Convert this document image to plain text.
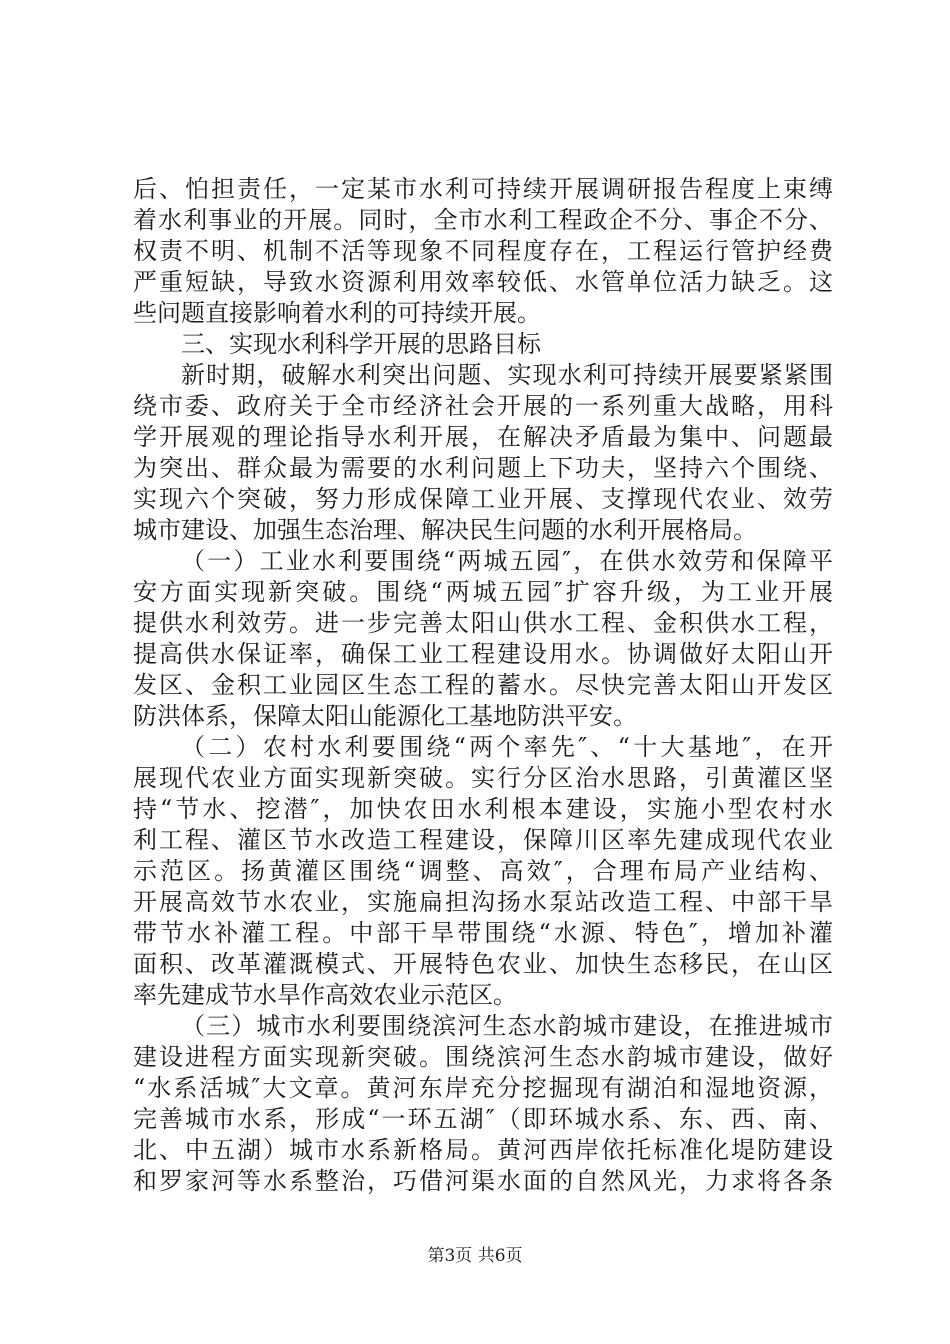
后、怕担责任，一定某市水利可持续开展调研报告程度上束缚
着水利事业的开展。同时，全市水利工程政企不分、事企不分、
权责不明、机制不活等现象不同程度存在，工程运行管护经费
严重短缺，导致水资源利用效率较低、水管单位活力缺乏。这
些问题直接影响着水利的可持续开展。
三、实现水利科学开展的思路目标
新时期，破解水利突出问题、实现水利可持续开展要紧紧围
绕市委、政府关于全市经济社会开展的一系列重大战略，用科
学开展观的理论指导水利开展，在解决矛盾最为集中、问题最
为突出、群众最为需要的水利问题上下功夫，坚持六个围绕、
实现六个突破，努力形成保障工业开展、支撑现代农业、效劳
城市建设、加强生态治理、解决民生问题的水利开展格局。
（一）工业水利要围绕“两城五园″，在供水效劳和保障平
安方面实现新突破。围绕“两城五园″扩容升级，为工业开展
提供水利效劳。进一步完善太阳山供水工程、金积供水工程，
提高供水保证率，确保工业工程建设用水。协调做好太阳山开
发区、金积工业园区生态工程的蓄水。尽快完善太阳山开发区
防洪体系，保障太阳山能源化工基地防洪平安。
（二）农村水利要围绕“两个率先″、“十大基地″，在开
展现代农业方面实现新突破。实行分区治水思路，引黄灌区坚
持“节水、挖潜″，加快农田水利根本建设，实施小型农村水
利工程、灌区节水改造工程建设，保障川区率先建成现代农业
示范区。扬黄灌区围绕“调整、高效″，合理布局产业结构、
开展高效节水农业，实施扁担沟扬水泵站改造工程、中部干旱
带节水补灌工程。中部干旱带围绕“水源、特色″，增加补灌
面积、改革灌溉模式、开展特色农业、加快生态移民，在山区
率先建成节水旱作高效农业示范区。
（三）城市水利要围绕滨河生态水韵城市建设，在推进城市
建设进程方面实现新突破。围绕滨河生态水韵城市建设，做好
“水系活城″大文章。黄河东岸充分挖掘现有湖泊和湿地资源，
完善城市水系，形成“一环五湖″（即环城水系、东、西、南、
北、中五湖）城市水系新格局。黄河西岸依托标准化堤防建设
和罗家河等水系整治，巧借河渠水面的自然风光，力求将各条
第3页 共6页
